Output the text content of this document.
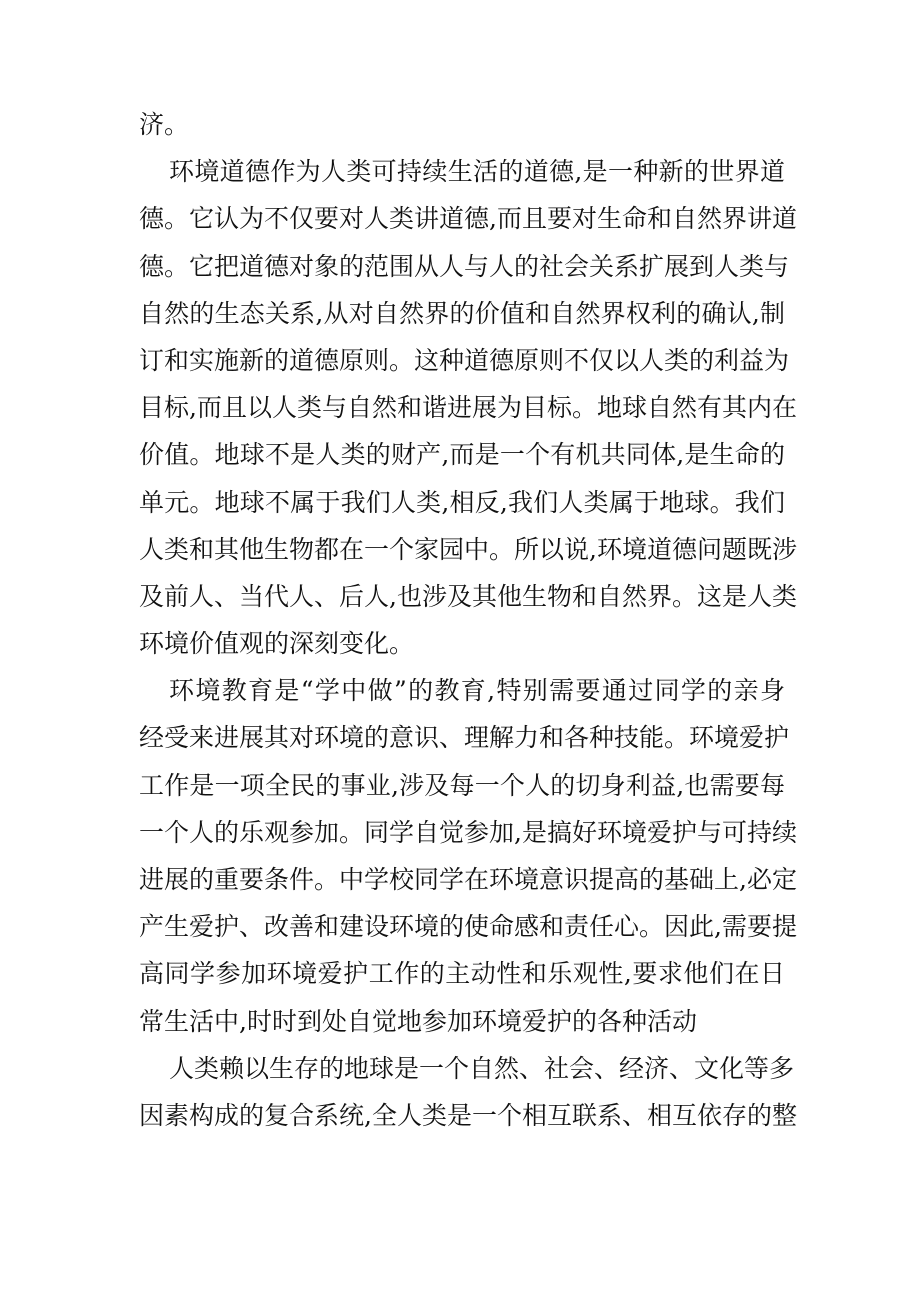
济。
环境道德作为人类可持续生活的道德,是一种新的世界道
德。它认为不仅要对人类讲道德,而且要对生命和自然界讲道
德。它把道德对象的范围从人与人的社会关系扩展到人类与
自然的生态关系,从对自然界的价值和自然界权利的确认,制
订和实施新的道德原则。这种道德原则不仅以人类的利益为
目标,而且以人类与自然和谐进展为目标。地球自然有其内在
价值。地球不是人类的财产,而是一个有机共同体,是生命的
单元。地球不属于我们人类,相反,我们人类属于地球。我们
人类和其他生物都在一个家园中。所以说,环境道德问题既涉
及前人、当代人、后人,也涉及其他生物和自然界。这是人类
环境价值观的深刻变化。
环境教育是“学中做”的教育,特别需要通过同学的亲身
经受来进展其对环境的意识、理解力和各种技能。环境爱护
工作是一项全民的事业,涉及每一个人的切身利益,也需要每
一个人的乐观参加。同学自觉参加,是搞好环境爱护与可持续
进展的重要条件。中学校同学在环境意识提高的基础上,必定
产生爱护、改善和建设环境的使命感和责任心。因此,需要提
高同学参加环境爱护工作的主动性和乐观性,要求他们在日
常生活中,时时到处自觉地参加环境爱护的各种活动
人类赖以生存的地球是一个自然、社会、经济、文化等多
因素构成的复合系统,全人类是一个相互联系、相互依存的整
